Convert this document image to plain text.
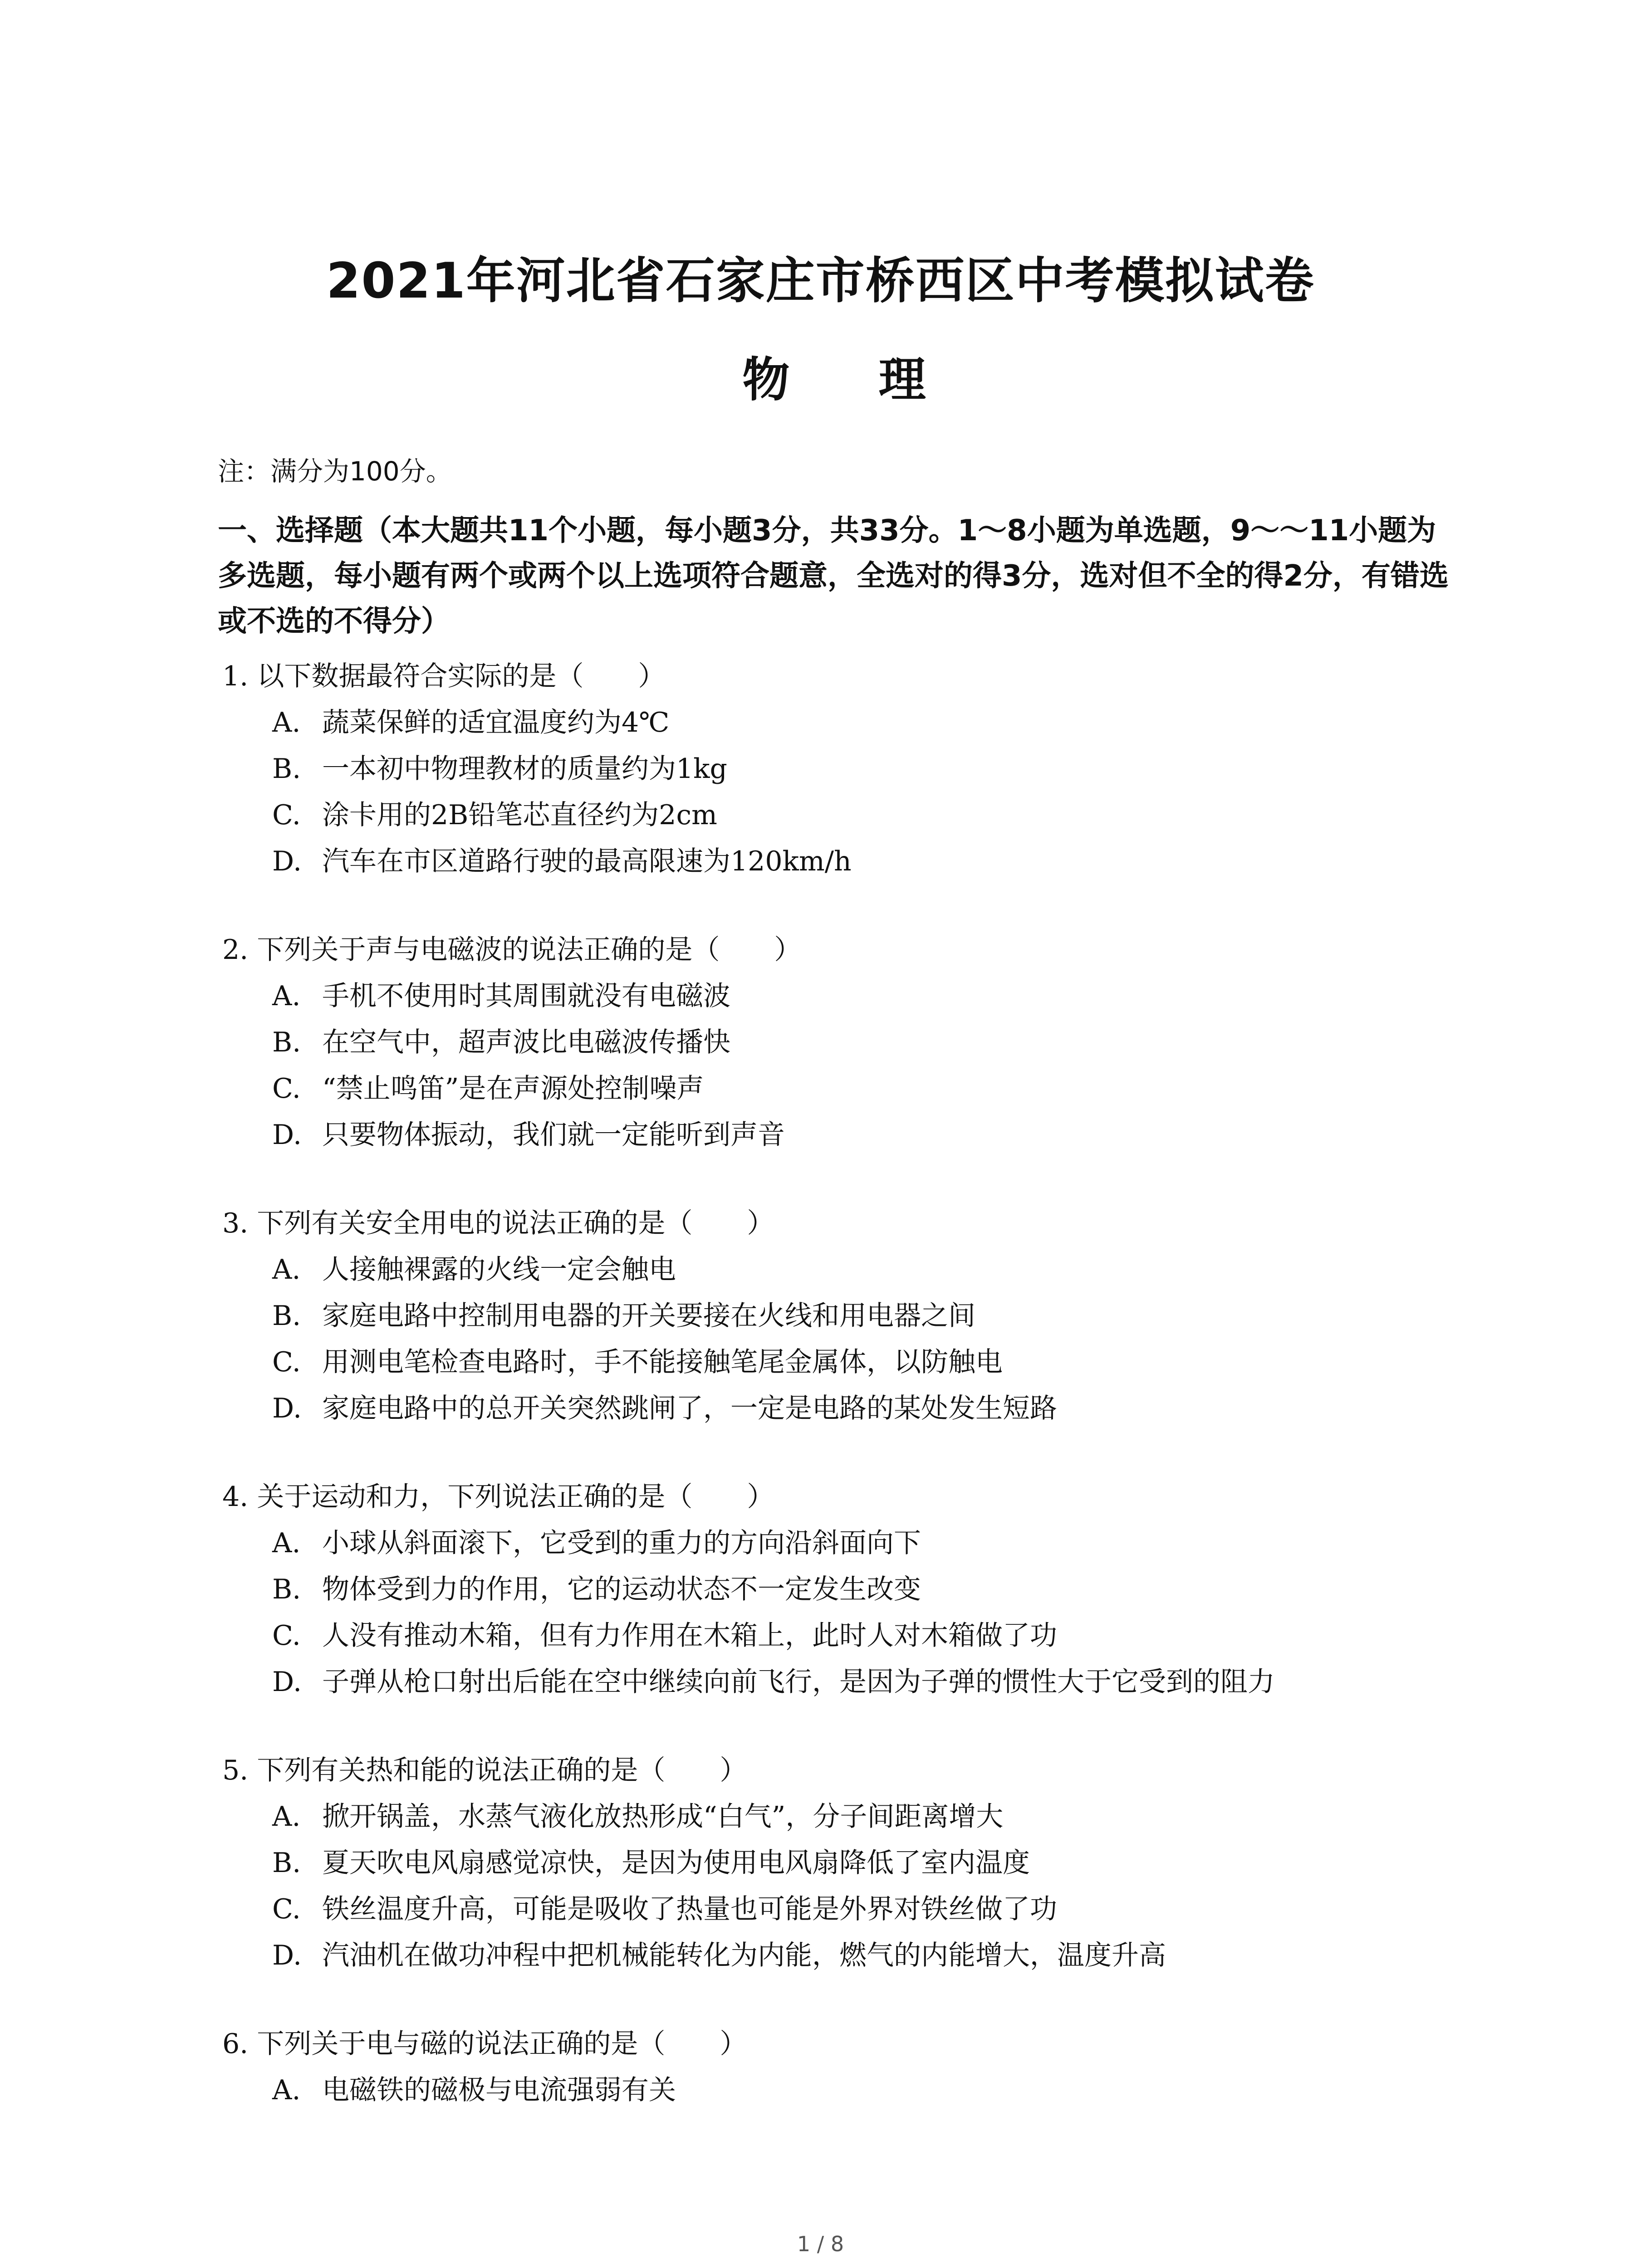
2021年河北省石家庄市桥西区中考模拟试卷
物 理

注：满分为100分。

一、选择题（本大题共11个小题，每小题3分，共33分。1～8小题为单选题，9～～11小题为多选题，每小题有两个或两个以上选项符合题意，全选对的得3分，选对但不全的得2分，有错选或不选的不得分）

1. 以下数据最符合实际的是（　　）
A. 蔬菜保鲜的适宜温度约为4℃
B. 一本初中物理教材的质量约为1kg
C. 涂卡用的2B铅笔芯直径约为2cm
D. 汽车在市区道路行驶的最高限速为120km/h
2. 下列关于声与电磁波的说法正确的是（　　）
A. 手机不使用时其周围就没有电磁波
B. 在空气中，超声波比电磁波传播快
C. “禁止鸣笛”是在声源处控制噪声
D. 只要物体振动，我们就一定能听到声音
3. 下列有关安全用电的说法正确的是（　　）
A. 人接触裸露的火线一定会触电
B. 家庭电路中控制用电器的开关要接在火线和用电器之间
C. 用测电笔检查电路时，手不能接触笔尾金属体，以防触电
D. 家庭电路中的总开关突然跳闸了，一定是电路的某处发生短路
4. 关于运动和力，下列说法正确的是（　　）
A. 小球从斜面滚下，它受到的重力的方向沿斜面向下
B. 物体受到力的作用，它的运动状态不一定发生改变
C. 人没有推动木箱，但有力作用在木箱上，此时人对木箱做了功
D. 子弹从枪口射出后能在空中继续向前飞行，是因为子弹的惯性大于它受到的阻力
5. 下列有关热和能的说法正确的是（　　）
A. 掀开锅盖，水蒸气液化放热形成“白气”，分子间距离增大
B. 夏天吹电风扇感觉凉快，是因为使用电风扇降低了室内温度
C. 铁丝温度升高，可能是吸收了热量也可能是外界对铁丝做了功
D. 汽油机在做功冲程中把机械能转化为内能，燃气的内能增大，温度升高
6. 下列关于电与磁的说法正确的是（　　）
A. 电磁铁的磁极与电流强弱有关

1 / 8
